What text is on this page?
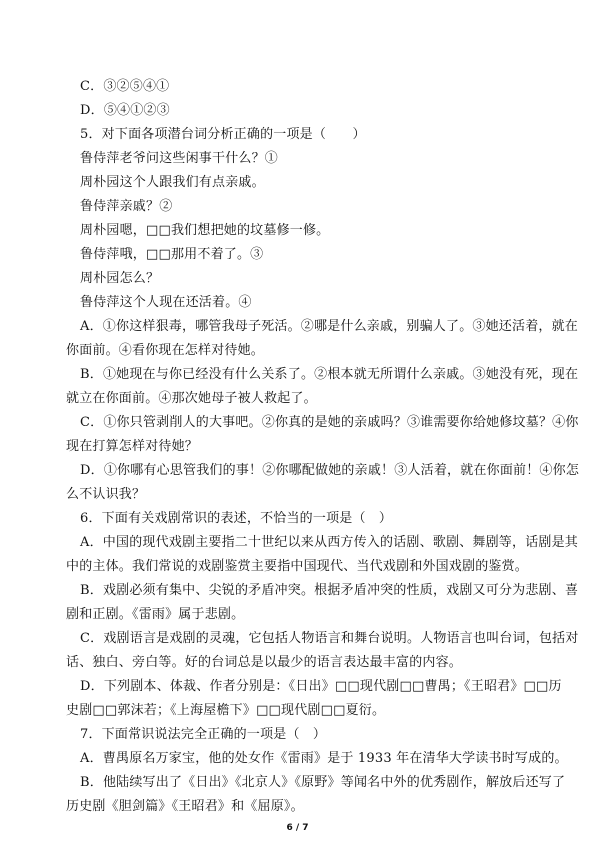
C．③②⑤④①
D．⑤④①②③
5．对下面各项潜台词分析正确的一项是（　　）
鲁侍萍老爷问这些闲事干什么？①
周朴园这个人跟我们有点亲戚。
鲁侍萍亲戚？②
周朴园嗯，□□我们想把她的坟墓修一修。
鲁侍萍哦，□□那用不着了。③
周朴园怎么？
鲁侍萍这个人现在还活着。④
A．①你这样狠毒，哪管我母子死活。②哪是什么亲戚，别骗人了。③她还活着，就在
你面前。④看你现在怎样对待她。
B．①她现在与你已经没有什么关系了。②根本就无所谓什么亲戚。③她没有死，现在
就立在你面前。④那次她母子被人救起了。
C．①你只管剥削人的大事吧。②你真的是她的亲戚吗？③谁需要你给她修坟墓？④你
现在打算怎样对待她？
D．①你哪有心思管我们的事！②你哪配做她的亲戚！③人活着，就在你面前！④你怎
么不认识我？
6．下面有关戏剧常识的表述，不恰当的一项是（　）
A．中国的现代戏剧主要指二十世纪以来从西方传入的话剧、歌剧、舞剧等，话剧是其
中的主体。我们常说的戏剧鉴赏主要指中国现代、当代戏剧和外国戏剧的鉴赏。
B．戏剧必须有集中、尖锐的矛盾冲突。根据矛盾冲突的性质，戏剧又可分为悲剧、喜
剧和正剧。《雷雨》属于悲剧。
C．戏剧语言是戏剧的灵魂，它包括人物语言和舞台说明。人物语言也叫台词，包括对
话、独白、旁白等。好的台词总是以最少的语言表达最丰富的内容。
D．下列剧本、体裁、作者分别是：《日出》□□现代剧□□曹禺；《王昭君》□□历
史剧□□郭沫若；《上海屋檐下》□□现代剧□□夏衍。
7．下面常识说法完全正确的一项是（　）
A．曹禺原名万家宝，他的处女作《雷雨》是于 1933 年在清华大学读书时写成的。
B．他陆续写出了《日出》《北京人》《原野》等闻名中外的优秀剧作，解放后还写了
历史剧《胆剑篇》《王昭君》和《屈原》。
6 / 7
